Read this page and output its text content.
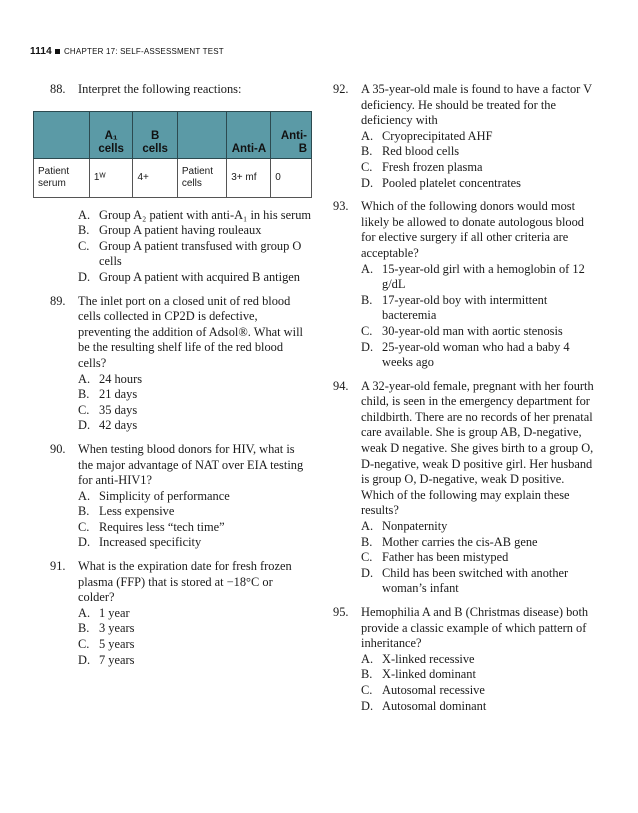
1114 CHAPTER 17: SELF-ASSESSMENT TEST
88.	Interpret the following reactions:
	A₁ cells	B cells		Anti-A	Anti-B
Patient serum	1ᵂ	4+	Patient cells	3+ mf	0
A. Group A₂ patient with anti-A₁ in his serum
B. Group A patient having rouleaux
C. Group A patient transfused with group O cells
D. Group A patient with acquired B antigen
89.	The inlet port on a closed unit of red blood cells collected in CP2D is defective, preventing the addition of Adsol®. What will be the resulting shelf life of the red blood cells?
A. 24 hours
B. 21 days
C. 35 days
D. 42 days
90.	When testing blood donors for HIV, what is the major advantage of NAT over EIA testing for anti-HIV1?
A. Simplicity of performance
B. Less expensive
C. Requires less “tech time”
D. Increased specificity
91.	What is the expiration date for fresh frozen plasma (FFP) that is stored at −18°C or colder?
A. 1 year
B. 3 years
C. 5 years
D. 7 years
92.	A 35-year-old male is found to have a factor V deficiency. He should be treated for the deficiency with
A. Cryoprecipitated AHF
B. Red blood cells
C. Fresh frozen plasma
D. Pooled platelet concentrates
93.	Which of the following donors would most likely be allowed to donate autologous blood for elective surgery if all other criteria are acceptable?
A. 15-year-old girl with a hemoglobin of 12 g/dL
B. 17-year-old boy with intermittent bacteremia
C. 30-year-old man with aortic stenosis
D. 25-year-old woman who had a baby 4 weeks ago
94.	A 32-year-old female, pregnant with her fourth child, is seen in the emergency department for childbirth. There are no records of her prenatal care available. She is group AB, D-negative, weak D negative. She gives birth to a group O, D-negative, weak D positive girl. Her husband is group O, D-negative, weak D positive. Which of the following may explain these results?
A. Nonpaternity
B. Mother carries the cis-AB gene
C. Father has been mistyped
D. Child has been switched with another woman’s infant
95.	Hemophilia A and B (Christmas disease) both provide a classic example of which pattern of inheritance?
A. X-linked recessive
B. X-linked dominant
C. Autosomal recessive
D. Autosomal dominant
